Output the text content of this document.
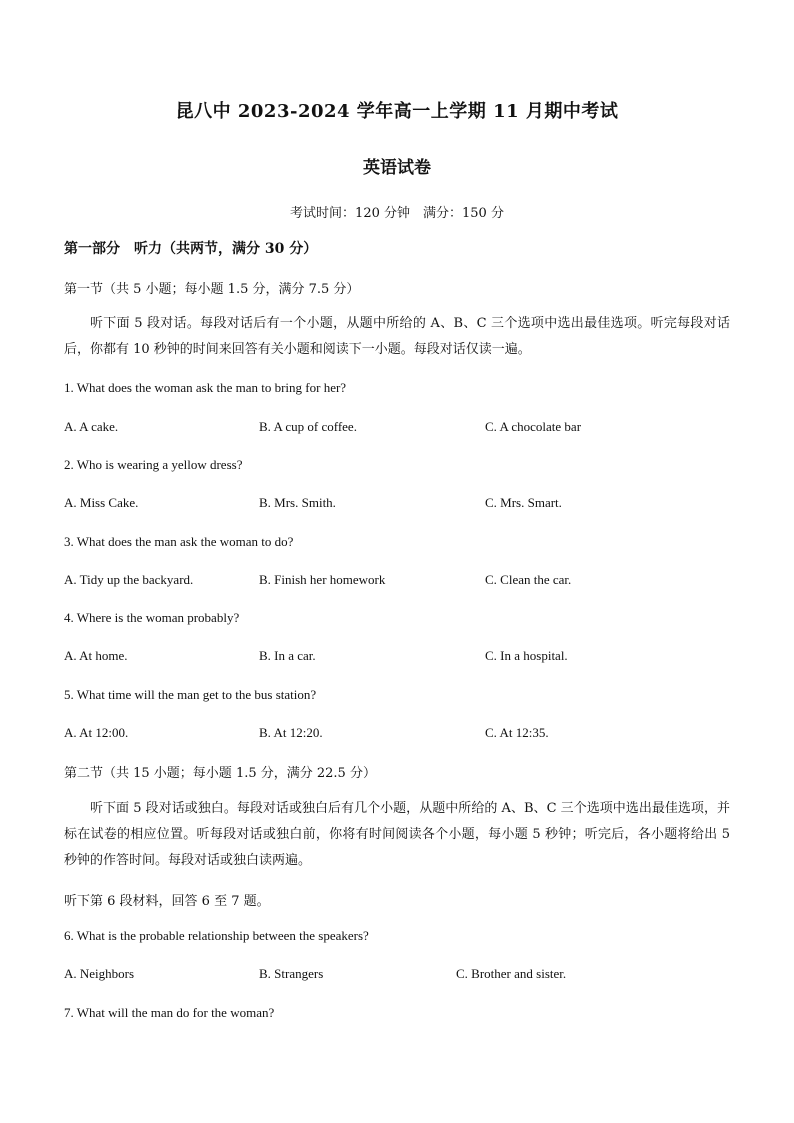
昆八中 2023-2024 学年高一上学期 11 月期中考试
英语试卷
考试时间：120 分钟　满分：150 分
第一部分　听力（共两节，满分 30 分）
第一节（共 5 小题；每小题 1.5 分，满分 7.5 分）
听下面 5 段对话。每段对话后有一个小题，从题中所给的 A、B、C 三个选项中选出最佳选项。听完每段对话后，你都有 10 秒钟的时间来回答有关小题和阅读下一小题。每段对话仅读一遍。
1. What does the woman ask the man to bring for her?
A. A cake.	B. A cup of coffee.	C. A chocolate bar
2. Who is wearing a yellow dress?
A. Miss Cake.	B. Mrs. Smith.	C. Mrs. Smart.
3. What does the man ask the woman to do?
A. Tidy up the backyard.	B. Finish her homework	C. Clean the car.
4. Where is the woman probably?
A. At home.	B. In a car.	C. In a hospital.
5. What time will the man get to the bus station?
A. At 12:00.	B. At 12:20.	C. At 12:35.
第二节（共 15 小题；每小题 1.5 分，满分 22.5 分）
听下面 5 段对话或独白。每段对话或独白后有几个小题，从题中所给的 A、B、C 三个选项中选出最佳选项，并标在试卷的相应位置。听每段对话或独白前，你将有时间阅读各个小题，每小题 5 秒钟；听完后，各小题将给出 5 秒钟的作答时间。每段对话或独白读两遍。
听下第 6 段材料，回答 6 至 7 题。
6. What is the probable relationship between the speakers?
A. Neighbors	B. Strangers	C. Brother and sister.
7. What will the man do for the woman?
